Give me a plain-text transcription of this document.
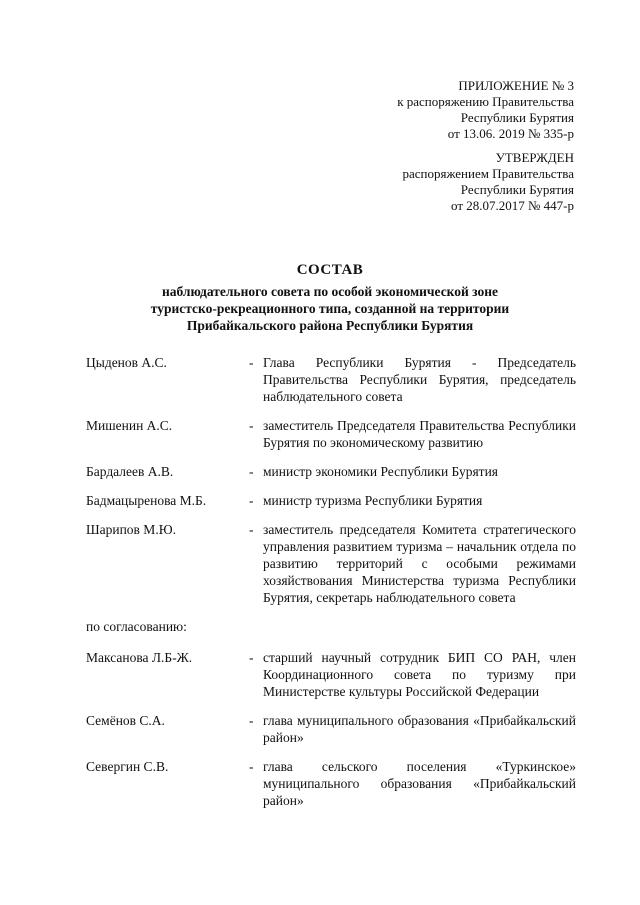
ПРИЛОЖЕНИЕ № 3
к распоряжению Правительства
Республики Бурятия
от 13.06. 2019 № 335-р
УТВЕРЖДЕН
распоряжением Правительства
Республики Бурятия
от 28.07.2017 № 447-р
СОСТАВ
наблюдательного совета по особой экономической зоне
туристско-рекреационного типа, созданной на территории
Прибайкальского района Республики Бурятия
Цыденов А.С.	- Глава Республики Бурятия - Председатель Правительства Республики Бурятия, председатель наблюдательного совета
Мишенин А.С.	- заместитель Председателя Правительства Республики Бурятия по экономическому развитию
Бардалеев А.В.	- министр экономики Республики Бурятия
Бадмацыренова М.Б.	- министр туризма Республики Бурятия
Шарипов М.Ю.	- заместитель председателя Комитета стратегического управления развитием туризма – начальник отдела по развитию территорий с особыми режимами хозяйствования Министерства туризма Республики Бурятия, секретарь наблюдательного совета
по согласованию:
Максанова Л.Б-Ж.	- старший научный сотрудник БИП СО РАН, член Координационного совета по туризму при Министерстве культуры Российской Федерации
Семёнов С.А.	- глава муниципального образования «Прибайкальский район»
Севергин С.В.	- глава сельского поселения «Туркинское» муниципального образования «Прибайкальский район»
